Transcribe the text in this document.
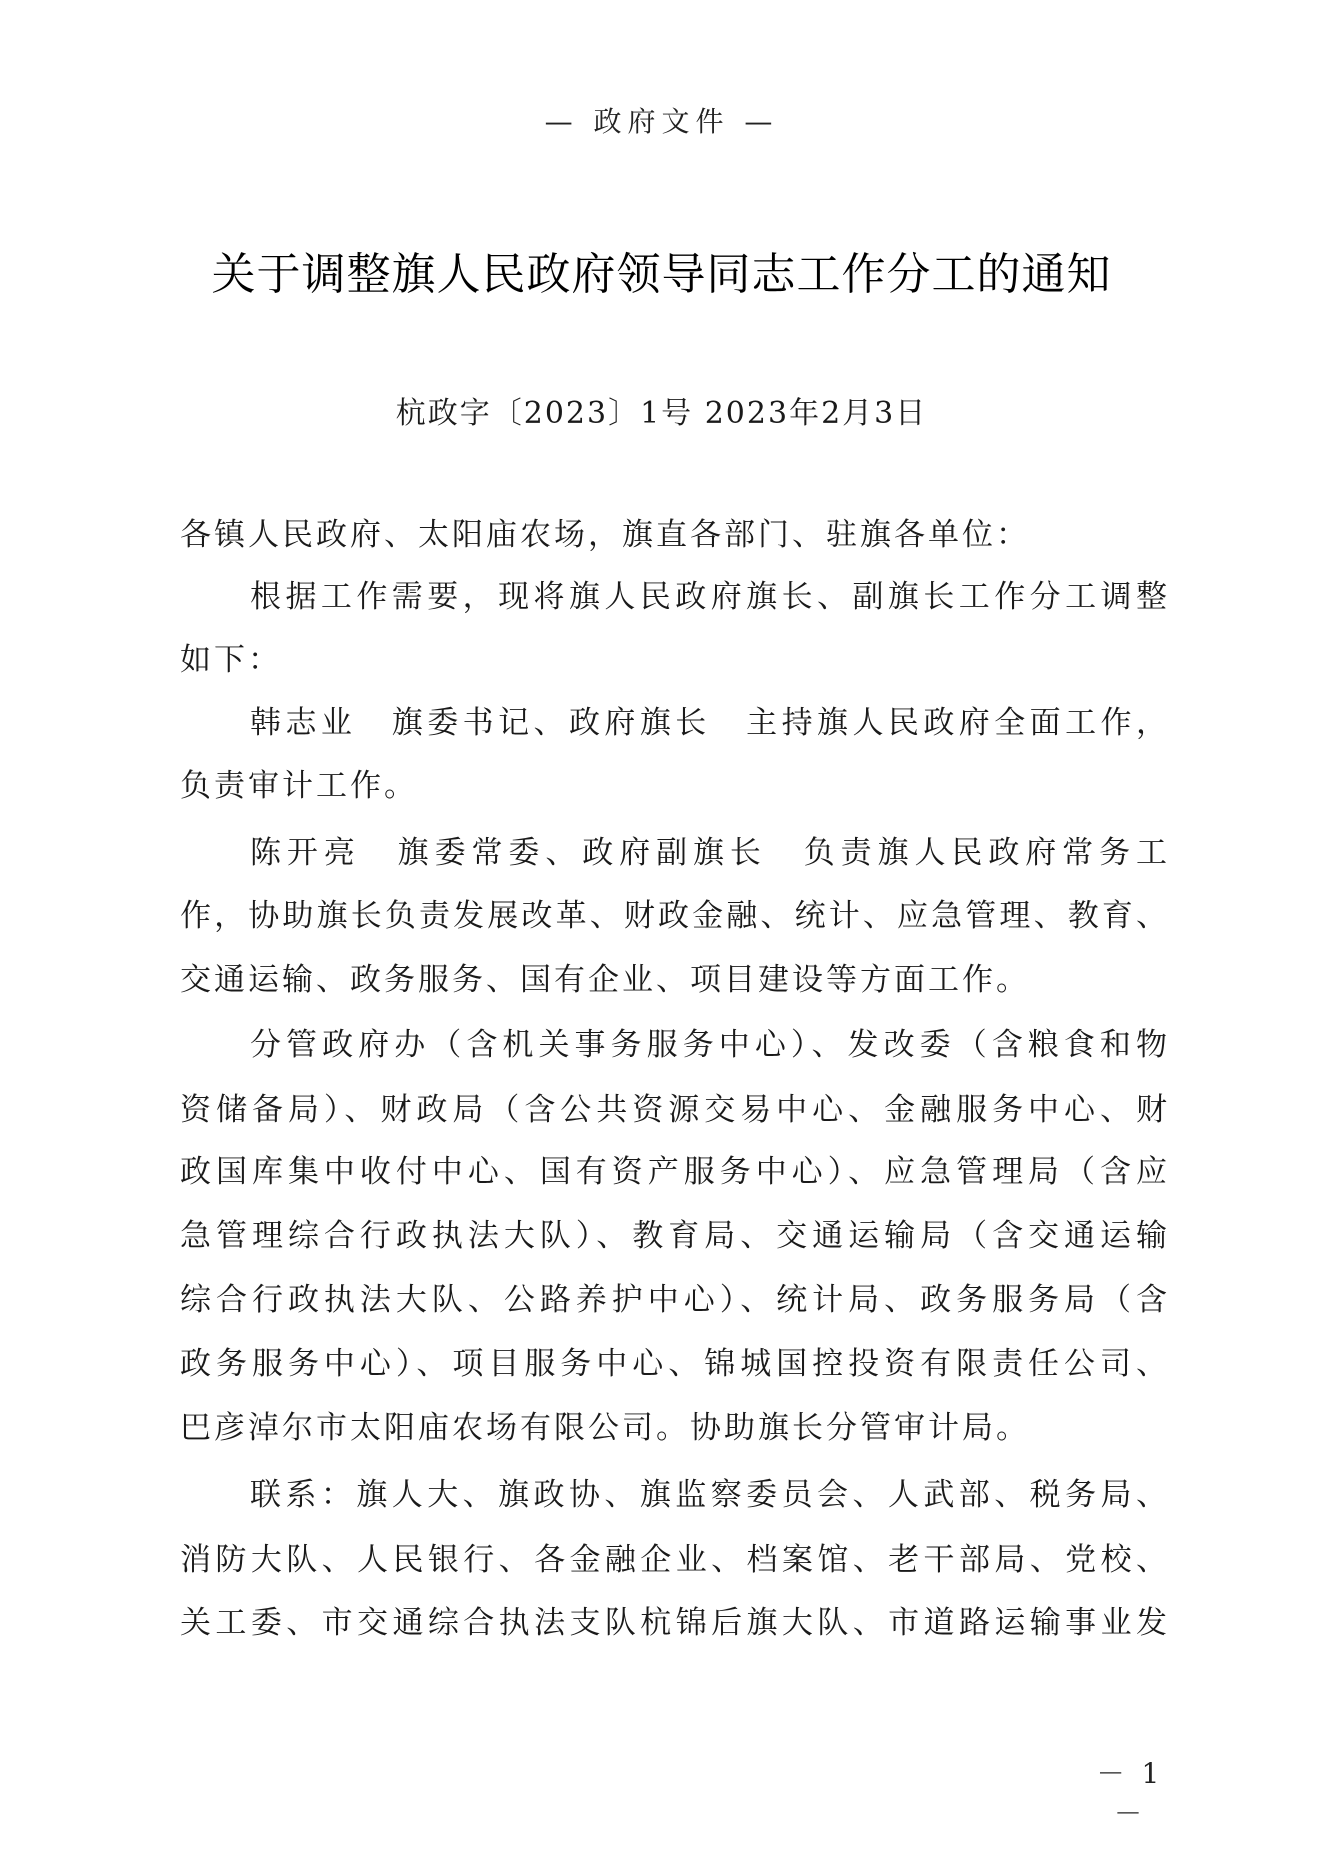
— 政府文件 —
关于调整旗人民政府领导同志工作分工的通知
杭政字〔2023〕1号 2023年2月3日
各镇人民政府、太阳庙农场，旗直各部门、驻旗各单位：
根据工作需要，现将旗人民政府旗长、副旗长工作分工调整
如下：
韩志业　旗委书记、政府旗长　主持旗人民政府全面工作，
负责审计工作。
陈开亮　旗委常委、政府副旗长　负责旗人民政府常务工
作，协助旗长负责发展改革、财政金融、统计、应急管理、教育、
交通运输、政务服务、国有企业、项目建设等方面工作。
分管政府办（含机关事务服务中心）、发改委（含粮食和物
资储备局）、财政局（含公共资源交易中心、金融服务中心、财
政国库集中收付中心、国有资产服务中心）、应急管理局（含应
急管理综合行政执法大队）、教育局、交通运输局（含交通运输
综合行政执法大队、公路养护中心）、统计局、政务服务局（含
政务服务中心）、项目服务中心、锦城国控投资有限责任公司、
巴彦淖尔市太阳庙农场有限公司。协助旗长分管审计局。
联系：旗人大、旗政协、旗监察委员会、人武部、税务局、
消防大队、人民银行、各金融企业、档案馆、老干部局、党校、
关工委、市交通综合执法支队杭锦后旗大队、市道路运输事业发
－ 1 －
